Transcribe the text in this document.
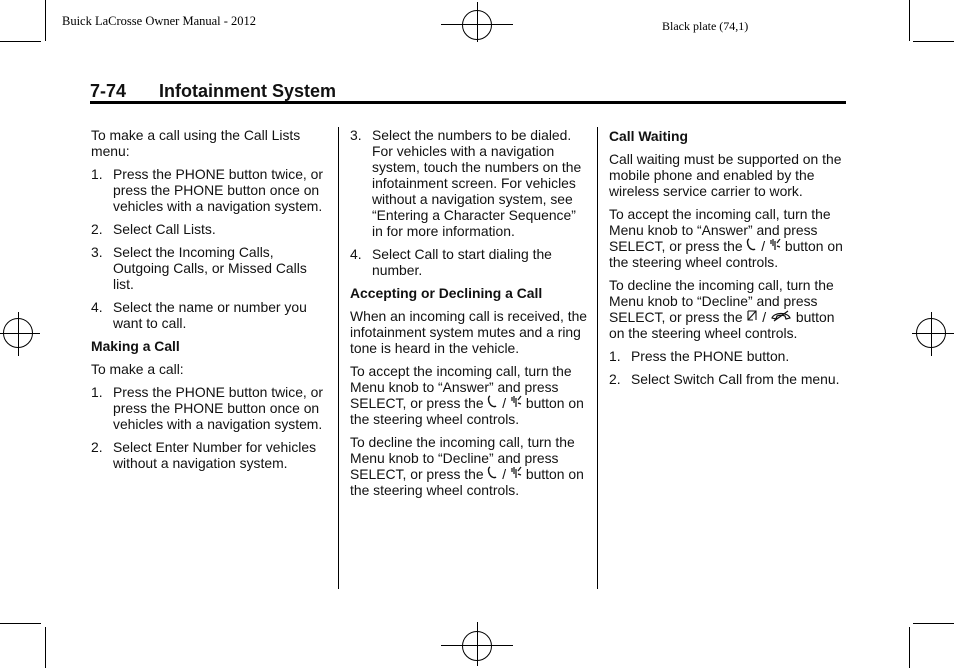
Buick LaCrosse Owner Manual - 2012	Black plate (74,1)
7-74 Infotainment System

To make a call using the Call Lists menu:

1. Press the PHONE button twice, or press the PHONE button once on vehicles with a navigation system.
2. Select Call Lists.
3. Select the Incoming Calls, Outgoing Calls, or Missed Calls list.
4. Select the name or number you want to call.

Making a Call

To make a call:

1. Press the PHONE button twice, or press the PHONE button once on vehicles with a navigation system.
2. Select Enter Number for vehicles without a navigation system.
3. Select the numbers to be dialed. For vehicles with a navigation system, touch the numbers on the infotainment screen. For vehicles without a navigation system, see “Entering a Character Sequence” in for more information.
4. Select Call to start dialing the number.

Accepting or Declining a Call

When an incoming call is received, the infotainment system mutes and a ring tone is heard in the vehicle.

To accept the incoming call, turn the Menu knob to “Answer” and press SELECT, or press the / button on the steering wheel controls.

To decline the incoming call, turn the Menu knob to “Decline” and press SELECT, or press the / button on the steering wheel controls.

Call Waiting

Call waiting must be supported on the mobile phone and enabled by the wireless service carrier to work.

To accept the incoming call, turn the Menu knob to “Answer” and press SELECT, or press the / button on the steering wheel controls.

To decline the incoming call, turn the Menu knob to “Decline” and press SELECT, or press the / button on the steering wheel controls.

1. Press the PHONE button.
2. Select Switch Call from the menu.
